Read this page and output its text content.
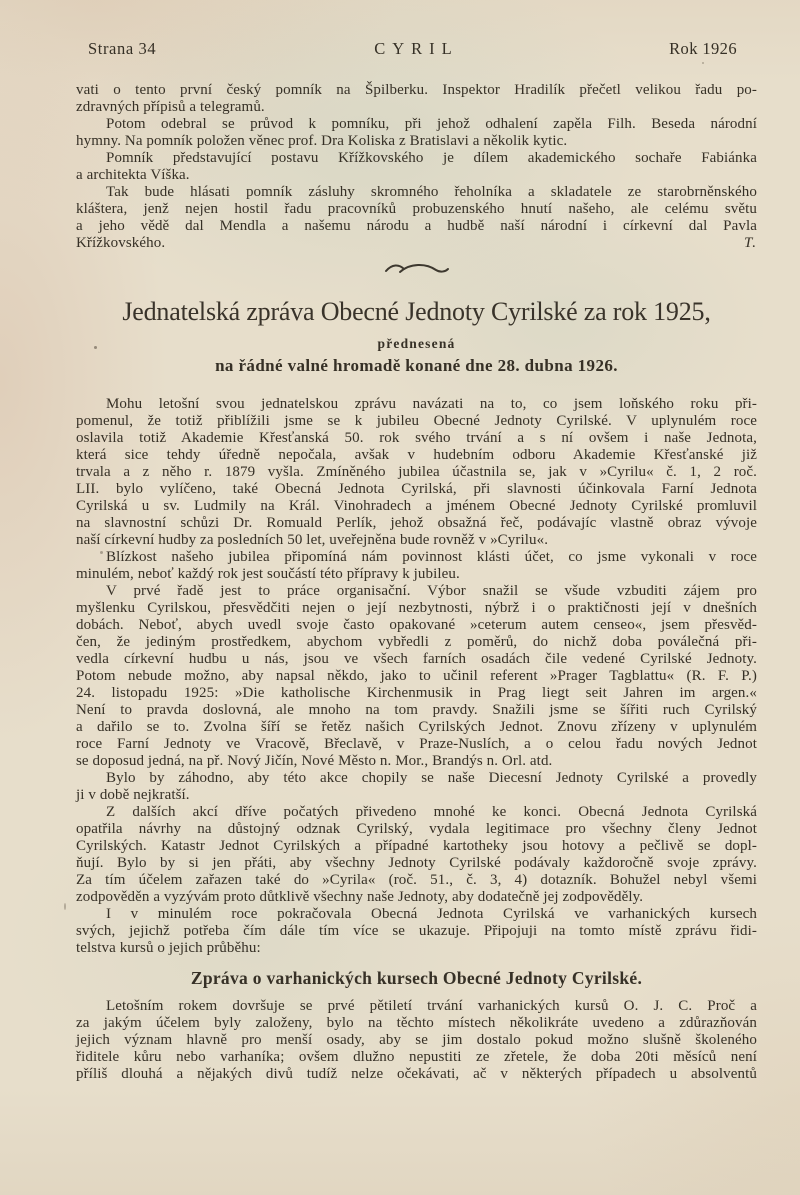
Strana 34	CYRIL	Rok 1926
vati o tento první český pomník na Špilberku. Inspektor Hradilík přečetl velikou řadu po-
zdravných přípisů a telegramů.
Potom odebral se průvod k pomníku, při jehož odhalení zapěla Filh. Beseda národní
hymny. Na pomník položen věnec prof. Dra Koliska z Bratislavi a několik kytic.
Pomník představující postavu Křížkovského je dílem akademického sochaře Fabiánka
a architekta Víška.
Tak bude hlásati pomník zásluhy skromného řeholníka a skladatele ze starobrněnského
kláštera, jenž nejen hostil řadu pracovníků probuzenského hnutí našeho, ale celému světu
a jeho vědě dal Mendla a našemu národu a hudbě naší národní i církevní dal Pavla
Křížkovského.	T.
Jednatelská zpráva Obecné Jednoty Cyrilské za rok 1925,
přednesená
na řádné valné hromadě konané dne 28. dubna 1926.
Mohu letošní svou jednatelskou zprávu navázati na to, co jsem loňského roku při-
pomenul, že totiž přiblížili jsme se k jubileu Obecné Jednoty Cyrilské. V uplynulém roce
oslavila totiž Akademie Křesťanská 50. rok svého trvání a s ní ovšem i naše Jednota,
která sice tehdy úředně nepočala, avšak v hudebním odboru Akademie Křesťanské již
trvala a z něho r. 1879 vyšla. Zmíněného jubilea účastnila se, jak v »Cyrilu« č. 1, 2 roč.
LII. bylo vylíčeno, také Obecná Jednota Cyrilská, při slavnosti účinkovala Farní Jednota
Cyrilská u sv. Ludmily na Král. Vinohradech a jménem Obecné Jednoty Cyrilské promluvil
na slavnostní schůzi Dr. Romuald Perlík, jehož obsažná řeč, podávajíc vlastně obraz vývoje
naší církevní hudby za posledních 50 let, uveřejněna bude rovněž v »Cyrilu«.
Blízkost našeho jubilea připomíná nám povinnost klásti účet, co jsme vykonali v roce
minulém, neboť každý rok jest součástí této přípravy k jubileu.
V prvé řadě jest to práce organisační. Výbor snažil se všude vzbuditi zájem pro
myšlenku Cyrilskou, přesvědčiti nejen o její nezbytnosti, nýbrž i o praktičnosti její v dnešních
dobách. Neboť, abych uvedl svoje často opakované »ceterum autem censeo«, jsem přesvěd-
čen, že jediným prostředkem, abychom vybředli z poměrů, do nichž doba poválečná při-
vedla církevní hudbu u nás, jsou ve všech farních osadách čile vedené Cyrilské Jednoty.
Potom nebude možno, aby napsal někdo, jako to učinil referent »Prager Tagblattu« (R. F. P.)
24. listopadu 1925: »Die katholische Kirchenmusik in Prag liegt seit Jahren im argen.«
Není to pravda doslovná, ale mnoho na tom pravdy. Snažili jsme se šířiti ruch Cyrilský
a dařilo se to. Zvolna šíří se řetěz našich Cyrilských Jednot. Znovu zřízeny v uplynulém
roce Farní Jednoty ve Vracově, Břeclavě, v Praze-Nuslích, a o celou řadu nových Jednot
se doposud jedná, na př. Nový Jičín, Nové Město n. Mor., Brandýs n. Orl. atd.
Bylo by záhodno, aby této akce chopily se naše Diecesní Jednoty Cyrilské a provedly
ji v době nejkratší.
Z dalších akcí dříve počatých přivedeno mnohé ke konci. Obecná Jednota Cyrilská
opatřila návrhy na důstojný odznak Cyrilský, vydala legitimace pro všechny členy Jednot
Cyrilských. Katastr Jednot Cyrilských a případné kartotheky jsou hotovy a pečlivě se dopl-
ňují. Bylo by si jen přáti, aby všechny Jednoty Cyrilské podávaly každoročně svoje zprávy.
Za tím účelem zařazen také do »Cyrila« (roč. 51., č. 3, 4) dotazník. Bohužel nebyl všemi
zodpověděn a vyzývám proto důtklivě všechny naše Jednoty, aby dodatečně jej zodpověděly.
I v minulém roce pokračovala Obecná Jednota Cyrilská ve varhanických kursech
svých, jejichž potřeba čím dále tím více se ukazuje. Připojuji na tomto místě zprávu řidi-
telstva kursů o jejich průběhu:
Zpráva o varhanických kursech Obecné Jednoty Cyrilské.
Letošním rokem dovršuje se prvé pětiletí trvání varhanických kursů O. J. C. Proč a
za jakým účelem byly založeny, bylo na těchto místech několikráte uvedeno a zdůrazňován
jejich význam hlavně pro menší osady, aby se jim dostalo pokud možno slušně školeného
řiditele kůru nebo varhaníka; ovšem dlužno nepustiti ze zřetele, že doba 20ti měsíců není
příliš dlouhá a nějakých divů tudíž nelze očekávati, ač v některých případech u absolventů
